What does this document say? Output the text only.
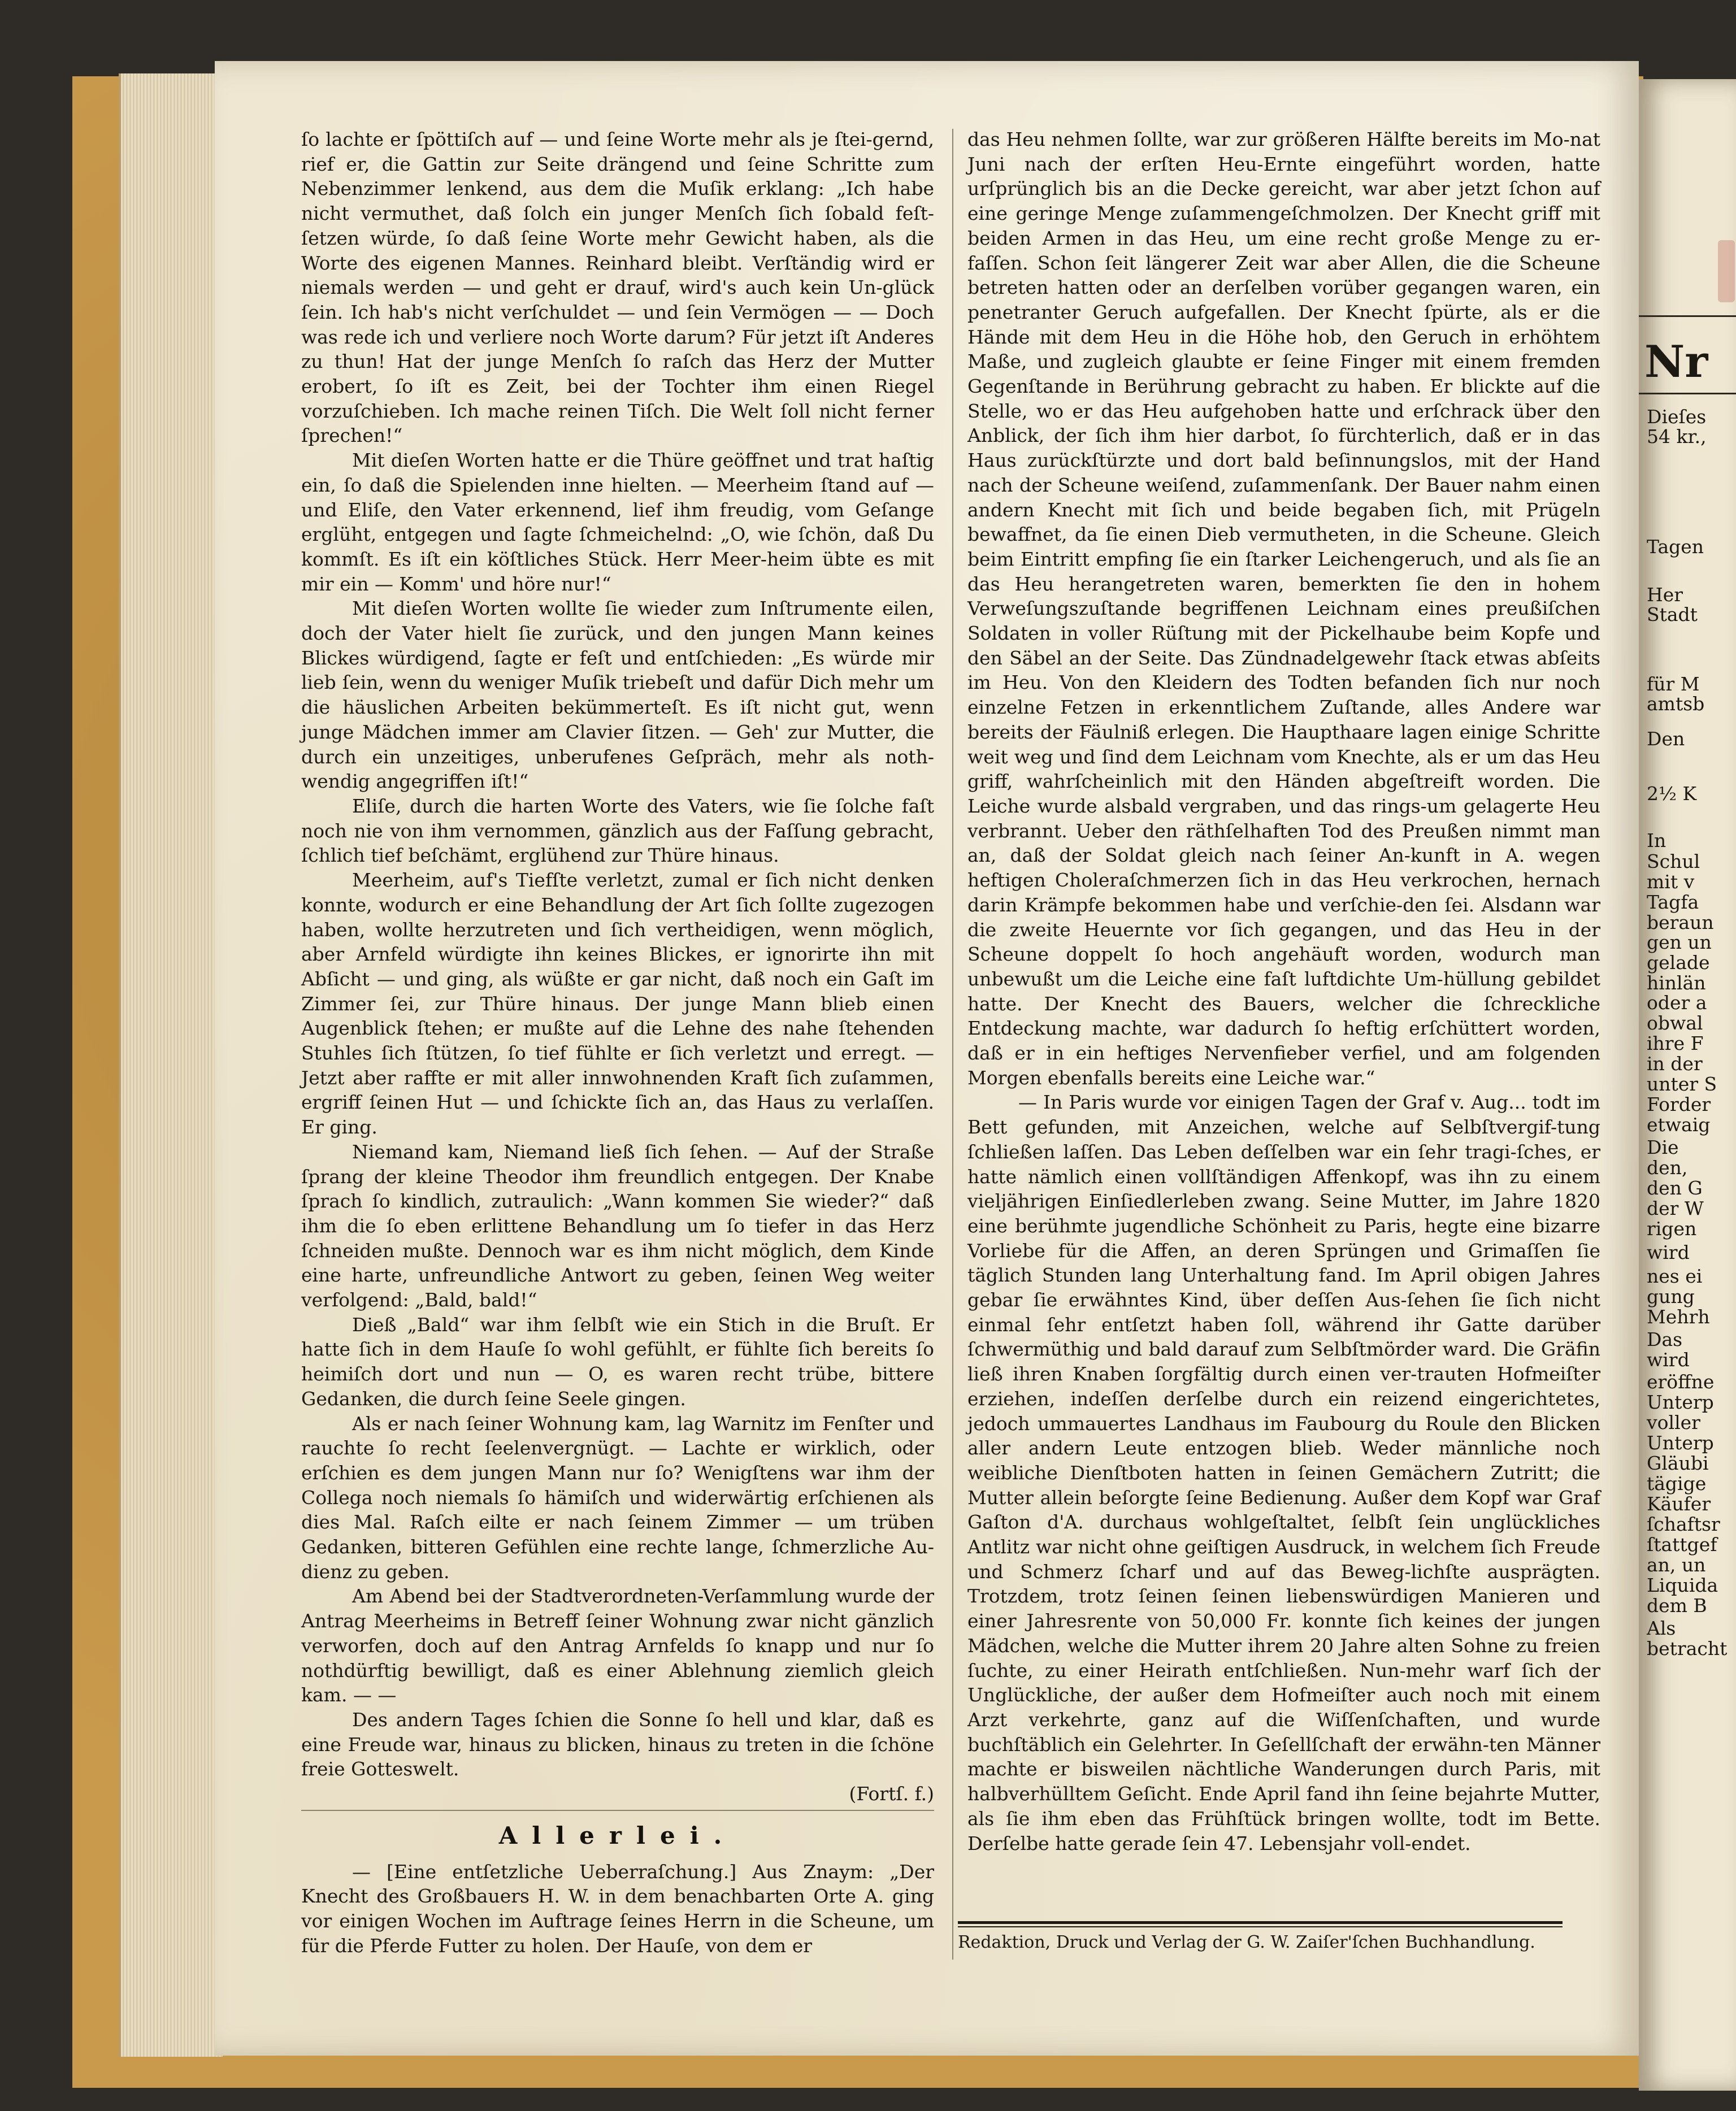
ſo lachte er ſpöttiſch auf — und ſeine Worte mehr als je ſtei-gernd, rief er, die Gattin zur Seite drängend und ſeine Schritte zum Nebenzimmer lenkend, aus dem die Muſik erklang: „Ich habe nicht vermuthet, daß ſolch ein junger Menſch ſich ſobald feſt-ſetzen würde, ſo daß ſeine Worte mehr Gewicht haben, als die Worte des eigenen Mannes. Reinhard bleibt. Verſtändig wird er niemals werden — und geht er drauf, wird's auch kein Un-glück ſein. Ich hab's nicht verſchuldet — und ſein Vermögen — — Doch was rede ich und verliere noch Worte darum? Für jetzt iſt Anderes zu thun! Hat der junge Menſch ſo raſch das Herz der Mutter erobert, ſo iſt es Zeit, bei der Tochter ihm einen Riegel vorzuſchieben. Ich mache reinen Tiſch. Die Welt ſoll nicht ferner ſprechen!“

Mit dieſen Worten hatte er die Thüre geöffnet und trat haſtig ein, ſo daß die Spielenden inne hielten. — Meerheim ſtand auf — und Eliſe, den Vater erkennend, lief ihm freudig, vom Geſange erglüht, entgegen und ſagte ſchmeichelnd: „O, wie ſchön, daß Du kommſt. Es iſt ein köſtliches Stück. Herr Meer-heim übte es mit mir ein — Komm' und höre nur!“

Mit dieſen Worten wollte ſie wieder zum Inſtrumente eilen, doch der Vater hielt ſie zurück, und den jungen Mann keines Blickes würdigend, ſagte er feſt und entſchieden: „Es würde mir lieb ſein, wenn du weniger Muſik triebeſt und dafür Dich mehr um die häuslichen Arbeiten bekümmerteſt. Es iſt nicht gut, wenn junge Mädchen immer am Clavier ſitzen. — Geh' zur Mutter, die durch ein unzeitiges, unberufenes Geſpräch, mehr als noth-wendig angegriffen iſt!“

Eliſe, durch die harten Worte des Vaters, wie ſie ſolche faſt noch nie von ihm vernommen, gänzlich aus der Faſſung gebracht, ſchlich tief beſchämt, erglühend zur Thüre hinaus.

Meerheim, auf's Tiefſte verletzt, zumal er ſich nicht denken konnte, wodurch er eine Behandlung der Art ſich ſollte zugezogen haben, wollte herzutreten und ſich vertheidigen, wenn möglich, aber Arnfeld würdigte ihn keines Blickes, er ignorirte ihn mit Abſicht — und ging, als wüßte er gar nicht, daß noch ein Gaſt im Zimmer ſei, zur Thüre hinaus. Der junge Mann blieb einen Augenblick ſtehen; er mußte auf die Lehne des nahe ſtehenden Stuhles ſich ſtützen, ſo tief fühlte er ſich verletzt und erregt. — Jetzt aber raffte er mit aller innwohnenden Kraft ſich zuſammen, ergriff ſeinen Hut — und ſchickte ſich an, das Haus zu verlaſſen. Er ging.

Niemand kam, Niemand ließ ſich ſehen. — Auf der Straße ſprang der kleine Theodor ihm freundlich entgegen. Der Knabe ſprach ſo kindlich, zutraulich: „Wann kommen Sie wieder?“ daß ihm die ſo eben erlittene Behandlung um ſo tiefer in das Herz ſchneiden mußte. Dennoch war es ihm nicht möglich, dem Kinde eine harte, unfreundliche Antwort zu geben, ſeinen Weg weiter verfolgend: „Bald, bald!“

Dieß „Bald“ war ihm ſelbſt wie ein Stich in die Bruſt. Er hatte ſich in dem Hauſe ſo wohl gefühlt, er fühlte ſich bereits ſo heimiſch dort und nun — O, es waren recht trübe, bittere Gedanken, die durch ſeine Seele gingen.

Als er nach ſeiner Wohnung kam, lag Warnitz im Fenſter und rauchte ſo recht ſeelenvergnügt. — Lachte er wirklich, oder erſchien es dem jungen Mann nur ſo? Wenigſtens war ihm der Collega noch niemals ſo hämiſch und widerwärtig erſchienen als dies Mal. Raſch eilte er nach ſeinem Zimmer — um trüben Gedanken, bitteren Gefühlen eine rechte lange, ſchmerzliche Au-dienz zu geben.

Am Abend bei der Stadtverordneten-Verſammlung wurde der Antrag Meerheims in Betreff ſeiner Wohnung zwar nicht gänzlich verworfen, doch auf den Antrag Arnfelds ſo knapp und nur ſo nothdürftig bewilligt, daß es einer Ablehnung ziemlich gleich kam. — —

Des andern Tages ſchien die Sonne ſo hell und klar, daß es eine Freude war, hinaus zu blicken, hinaus zu treten in die ſchöne freie Gotteswelt.

(Fortſ. f.)

Allerlei.

— [Eine entſetzliche Ueberraſchung.] Aus Znaym: „Der Knecht des Großbauers H. W. in dem benachbarten Orte A. ging vor einigen Wochen im Auftrage ſeines Herrn in die Scheune, um für die Pferde Futter zu holen. Der Hauſe, von dem er

das Heu nehmen ſollte, war zur größeren Hälfte bereits im Mo-nat Juni nach der erſten Heu-Ernte eingeführt worden, hatte urſprünglich bis an die Decke gereicht, war aber jetzt ſchon auf eine geringe Menge zuſammengeſchmolzen. Der Knecht griff mit beiden Armen in das Heu, um eine recht große Menge zu er-faſſen. Schon ſeit längerer Zeit war aber Allen, die die Scheune betreten hatten oder an derſelben vorüber gegangen waren, ein penetranter Geruch aufgefallen. Der Knecht ſpürte, als er die Hände mit dem Heu in die Höhe hob, den Geruch in erhöhtem Maße, und zugleich glaubte er ſeine Finger mit einem fremden Gegenſtande in Berührung gebracht zu haben. Er blickte auf die Stelle, wo er das Heu aufgehoben hatte und erſchrack über den Anblick, der ſich ihm hier darbot, ſo fürchterlich, daß er in das Haus zurückſtürzte und dort bald beſinnungslos, mit der Hand nach der Scheune weiſend, zuſammenſank. Der Bauer nahm einen andern Knecht mit ſich und beide begaben ſich, mit Prügeln bewaffnet, da ſie einen Dieb vermutheten, in die Scheune. Gleich beim Eintritt empfing ſie ein ſtarker Leichengeruch, und als ſie an das Heu herangetreten waren, bemerkten ſie den in hohem Verweſungszuſtande begriffenen Leichnam eines preußiſchen Soldaten in voller Rüſtung mit der Pickelhaube beim Kopfe und den Säbel an der Seite. Das Zündnadelgewehr ſtack etwas abſeits im Heu. Von den Kleidern des Todten befanden ſich nur noch einzelne Fetzen in erkenntlichem Zuſtande, alles Andere war bereits der Fäulniß erlegen. Die Haupthaare lagen einige Schritte weit weg und ſind dem Leichnam vom Knechte, als er um das Heu griff, wahrſcheinlich mit den Händen abgeſtreift worden. Die Leiche wurde alsbald vergraben, und das rings-um gelagerte Heu verbrannt. Ueber den räthſelhaften Tod des Preußen nimmt man an, daß der Soldat gleich nach ſeiner An-kunft in A. wegen heftigen Choleraſchmerzen ſich in das Heu verkrochen, hernach darin Krämpfe bekommen habe und verſchie-den ſei. Alsdann war die zweite Heuernte vor ſich gegangen, und das Heu in der Scheune doppelt ſo hoch angehäuft worden, wodurch man unbewußt um die Leiche eine faſt luftdichte Um-hüllung gebildet hatte. Der Knecht des Bauers, welcher die ſchreckliche Entdeckung machte, war dadurch ſo heftig erſchüttert worden, daß er in ein heftiges Nervenfieber verfiel, und am folgenden Morgen ebenfalls bereits eine Leiche war.“

— In Paris wurde vor einigen Tagen der Graf v. Aug... todt im Bett gefunden, mit Anzeichen, welche auf Selbſtvergif-tung ſchließen laſſen. Das Leben deſſelben war ein ſehr tragi-ſches, er hatte nämlich einen vollſtändigen Affenkopf, was ihn zu einem vieljährigen Einſiedlerleben zwang. Seine Mutter, im Jahre 1820 eine berühmte jugendliche Schönheit zu Paris, hegte eine bizarre Vorliebe für die Affen, an deren Sprüngen und Grimaſſen ſie täglich Stunden lang Unterhaltung fand. Im April obigen Jahres gebar ſie erwähntes Kind, über deſſen Aus-ſehen ſie ſich nicht einmal ſehr entſetzt haben ſoll, während ihr Gatte darüber ſchwermüthig und bald darauf zum Selbſtmörder ward. Die Gräfin ließ ihren Knaben ſorgfältig durch einen ver-trauten Hofmeiſter erziehen, indeſſen derſelbe durch ein reizend eingerichtetes, jedoch ummauertes Landhaus im Faubourg du Roule den Blicken aller andern Leute entzogen blieb. Weder männliche noch weibliche Dienſtboten hatten in ſeinen Gemächern Zutritt; die Mutter allein beſorgte ſeine Bedienung. Außer dem Kopf war Graf Gaſton d'A. durchaus wohlgeſtaltet, ſelbſt ſein unglückliches Antlitz war nicht ohne geiſtigen Ausdruck, in welchem ſich Freude und Schmerz ſcharf und auf das Beweg-lichſte ausprägten. Trotzdem, trotz ſeinen ſeinen liebenswürdigen Manieren und einer Jahresrente von 50,000 Fr. konnte ſich keines der jungen Mädchen, welche die Mutter ihrem 20 Jahre alten Sohne zu freien ſuchte, zu einer Heirath entſchließen. Nun-mehr warf ſich der Unglückliche, der außer dem Hofmeiſter auch noch mit einem Arzt verkehrte, ganz auf die Wiſſenſchaften, und wurde buchſtäblich ein Gelehrter. In Geſellſchaft der erwähn-ten Männer machte er bisweilen nächtliche Wanderungen durch Paris, mit halbverhülltem Geſicht. Ende April fand ihn ſeine bejahrte Mutter, als ſie ihm eben das Frühſtück bringen wollte, todt im Bette. Derſelbe hatte gerade ſein 47. Lebensjahr voll-endet.

Redaktion, Druck und Verlag der G. W. Zaiſer'ſchen Buchhandlung.
Nr
Dieſes
54 kr.,
Tagen
Her
Stadt
für M
amtsb
Den
2½ K
In
Schul
mit v
Tagfa
beraun
gen un
gelade
hinlän
oder a
obwal
ihre F
in der
unter S
Forder
etwaig
Die
den,
den G
der W
rigen
wird
nes ei
gung
Mehrh
Das
wird
eröffne
Unterp
voller
Unterp
Gläubi
tägige
Käufer
ſchaftsr
ſtattgef
an, un
Liquida
dem B
Als
betracht
